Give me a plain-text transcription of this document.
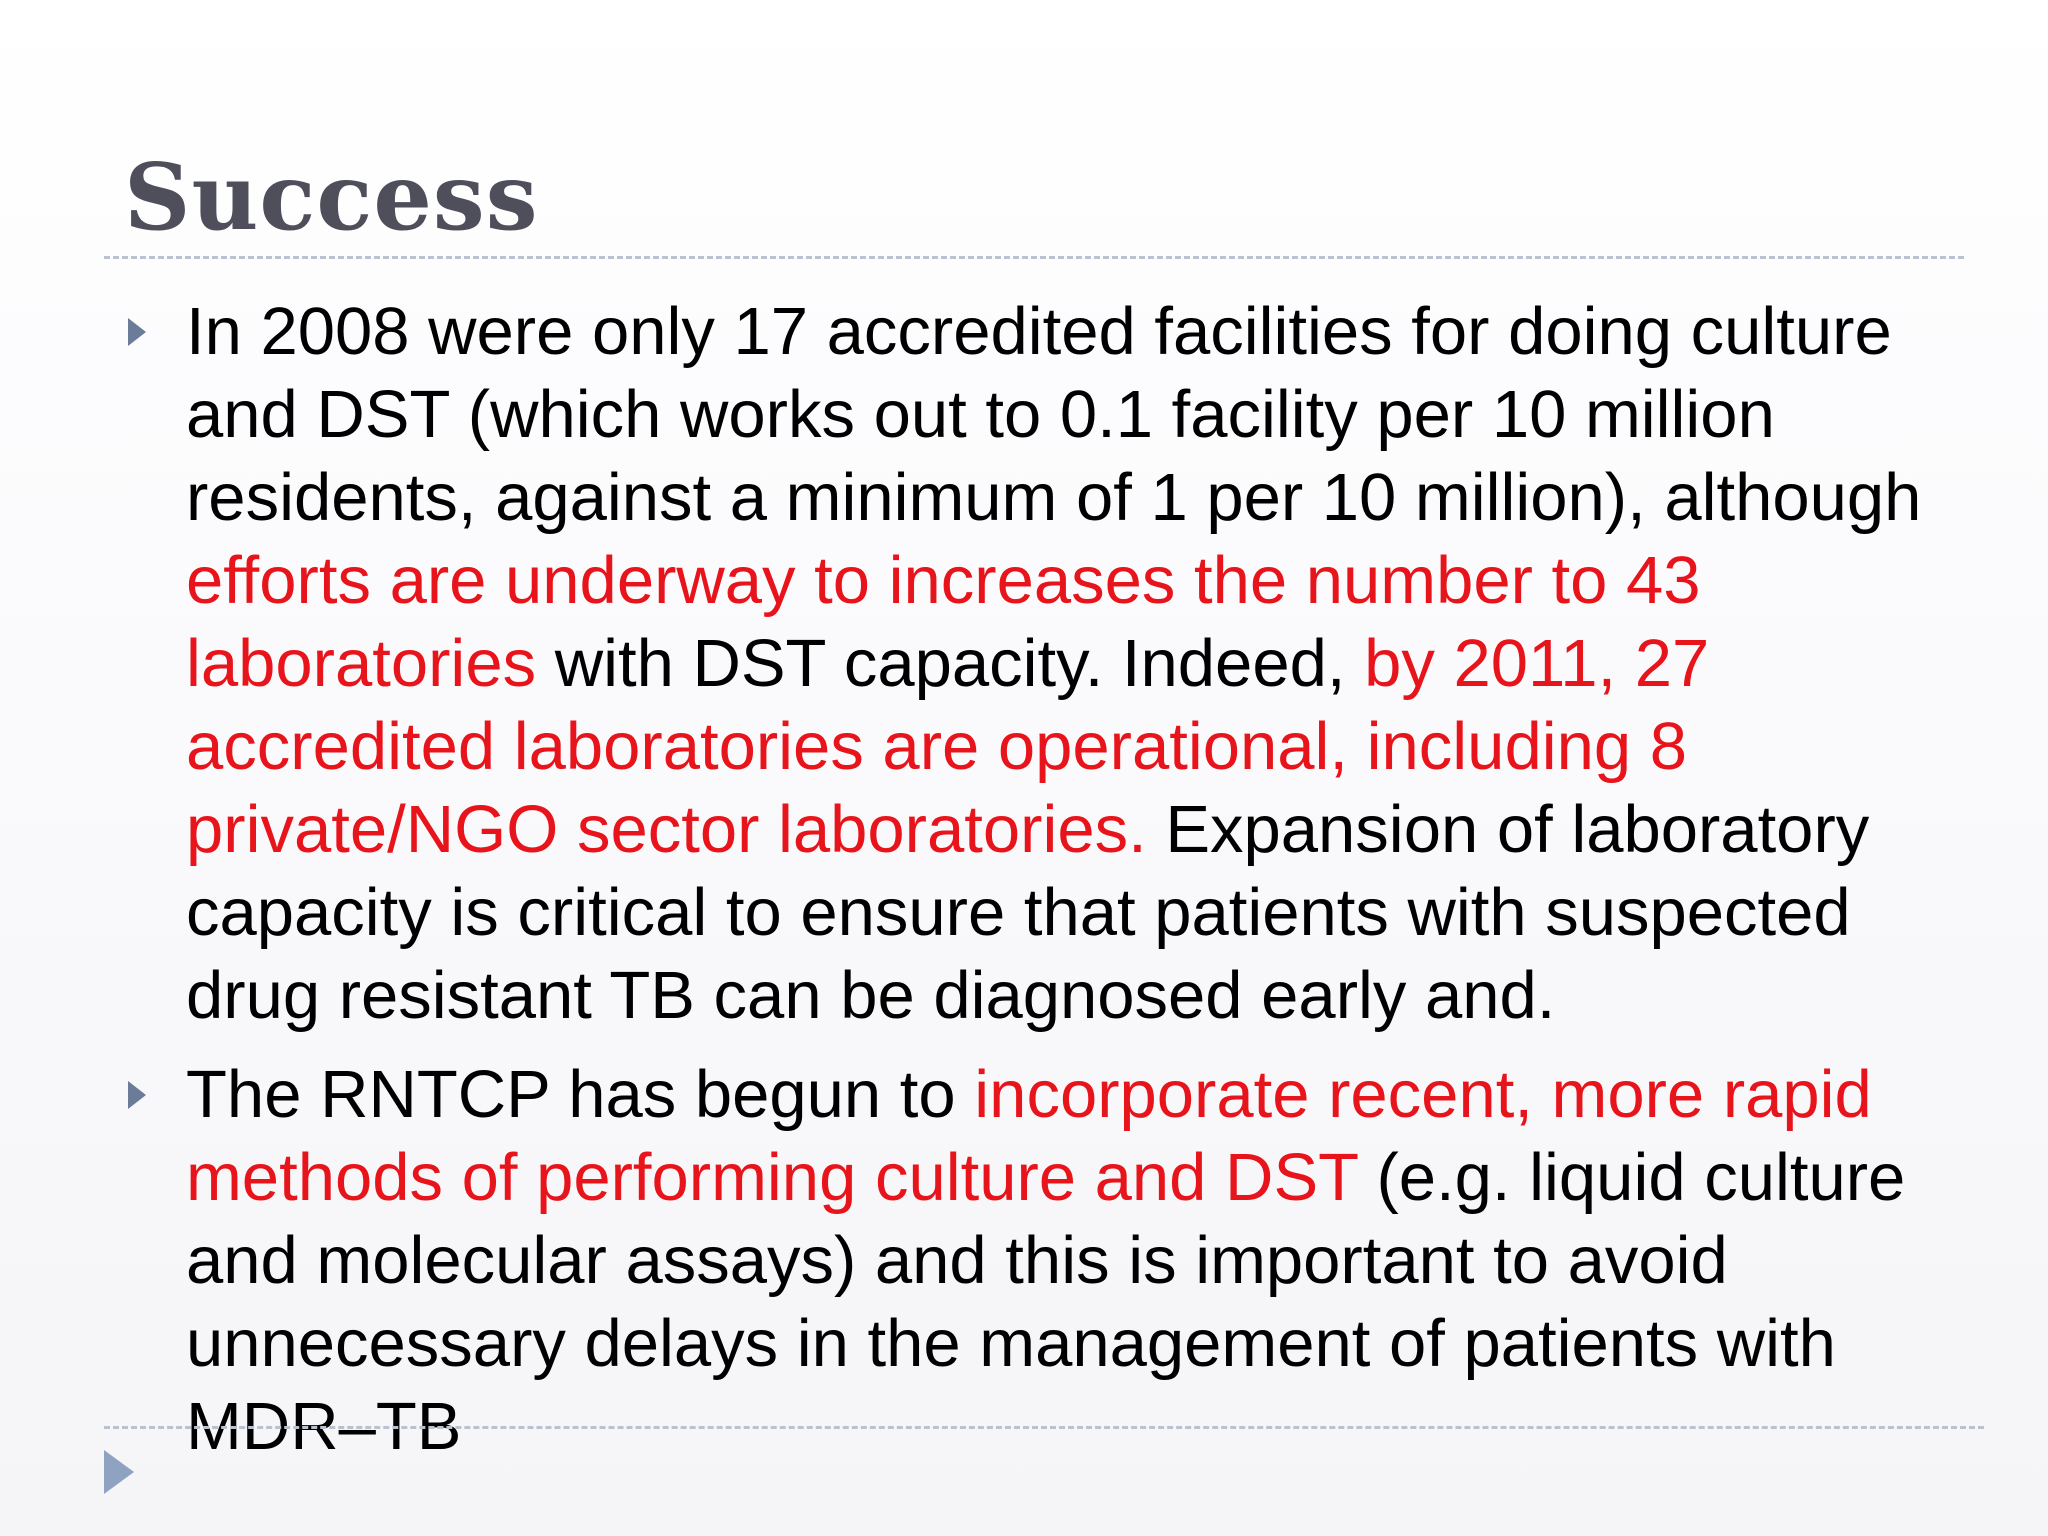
Success
In 2008 were only 17 accredited facilities for doing culture and DST (which works out to 0.1 facility per 10 million residents, against a minimum of 1 per 10 million), although efforts are underway to increases the number to 43 laboratories with DST capacity. Indeed, by 2011, 27 accredited laboratories are operational, including 8 private/NGO sector laboratories. Expansion of laboratory capacity is critical to ensure that patients with suspected drug resistant TB can be diagnosed early and.
The RNTCP has begun to incorporate recent, more rapid methods of performing culture and DST (e.g. liquid culture and molecular assays) and this is important to avoid unnecessary delays in the management of patients with MDR–TB
